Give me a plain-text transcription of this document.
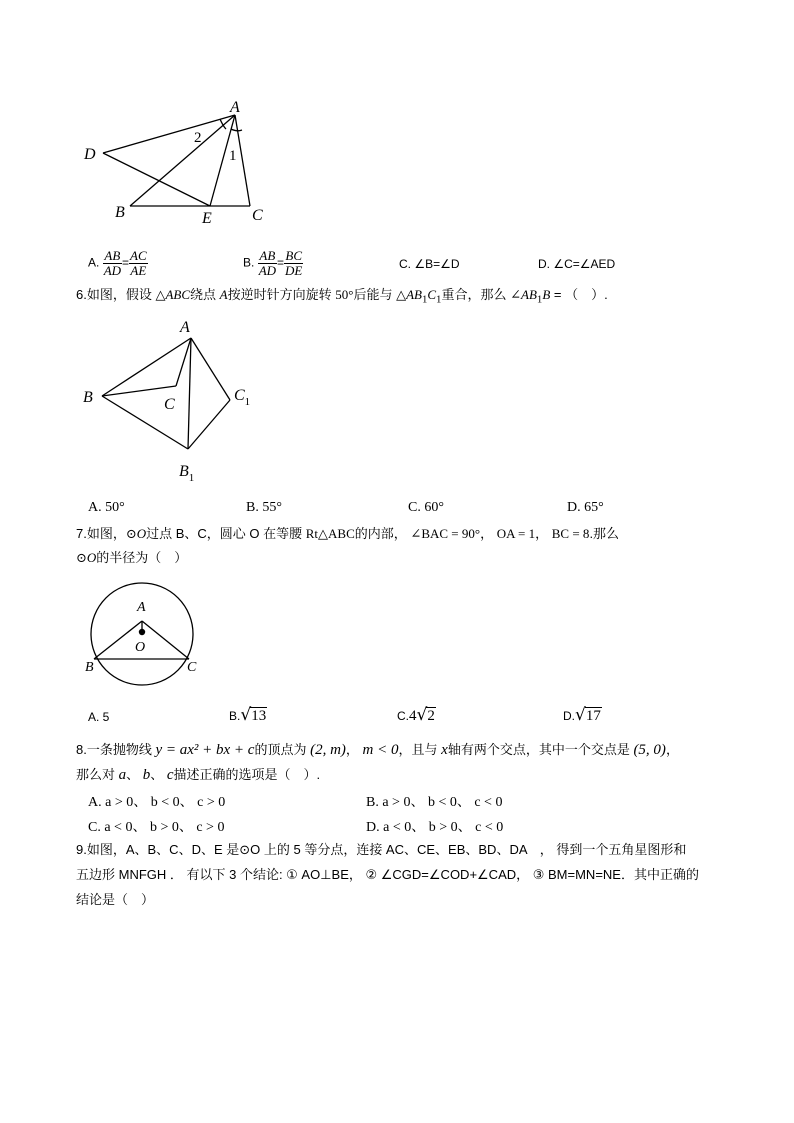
A
D
B	E	C
2
1
A. $\frac{AB}{AD} = \frac{AC}{AE}$	B. $\frac{AB}{AD} = \frac{BC}{DE}$	C. ∠B=∠D	D. ∠C=∠AED
6.如图，假设 △ABC绕点 A按逆时针方向旋转 50°后能与 $\triangle AB_1C_1$重合，那么 $\angle AB_1B$ = （　）.
A
B	C
$C_1$
$B_1$
A. 50°	B. 55°	C. 60°	D. 65°
7.如图，⊙O过点 B、C，圆心 O 在等腰 Rt△ABC的内部， ∠BAC = 90°， OA = 1， BC = 8.那么
⊙O的半径为（　）
A
O
B	C
A. 5	B.√13	C.4√2	D.√17
8.一条抛物线 y = ax² + bx + c的顶点为 (2, m)， m < 0，且与 x轴有两个交点，其中一个交点是 (5, 0)，
那么对 a、 b、 c描述正确的选项是（　）.
A. a > 0、 b < 0、 c > 0	B. a > 0、 b < 0、 c < 0
C. a < 0、 b > 0、 c > 0	D. a < 0、 b > 0、 c < 0
9.如图，A、B、C、D、E 是⊙O 上的 5 等分点，连接 AC、CE、EB、BD、DA　， 得到一个五角星图形和
五边形 MNFGH ． 有以下 3 个结论: ① AO⊥BE， ② ∠CGD=∠COD+∠CAD， ③ BM=MN=NE．其中正确的
结论是（　）
